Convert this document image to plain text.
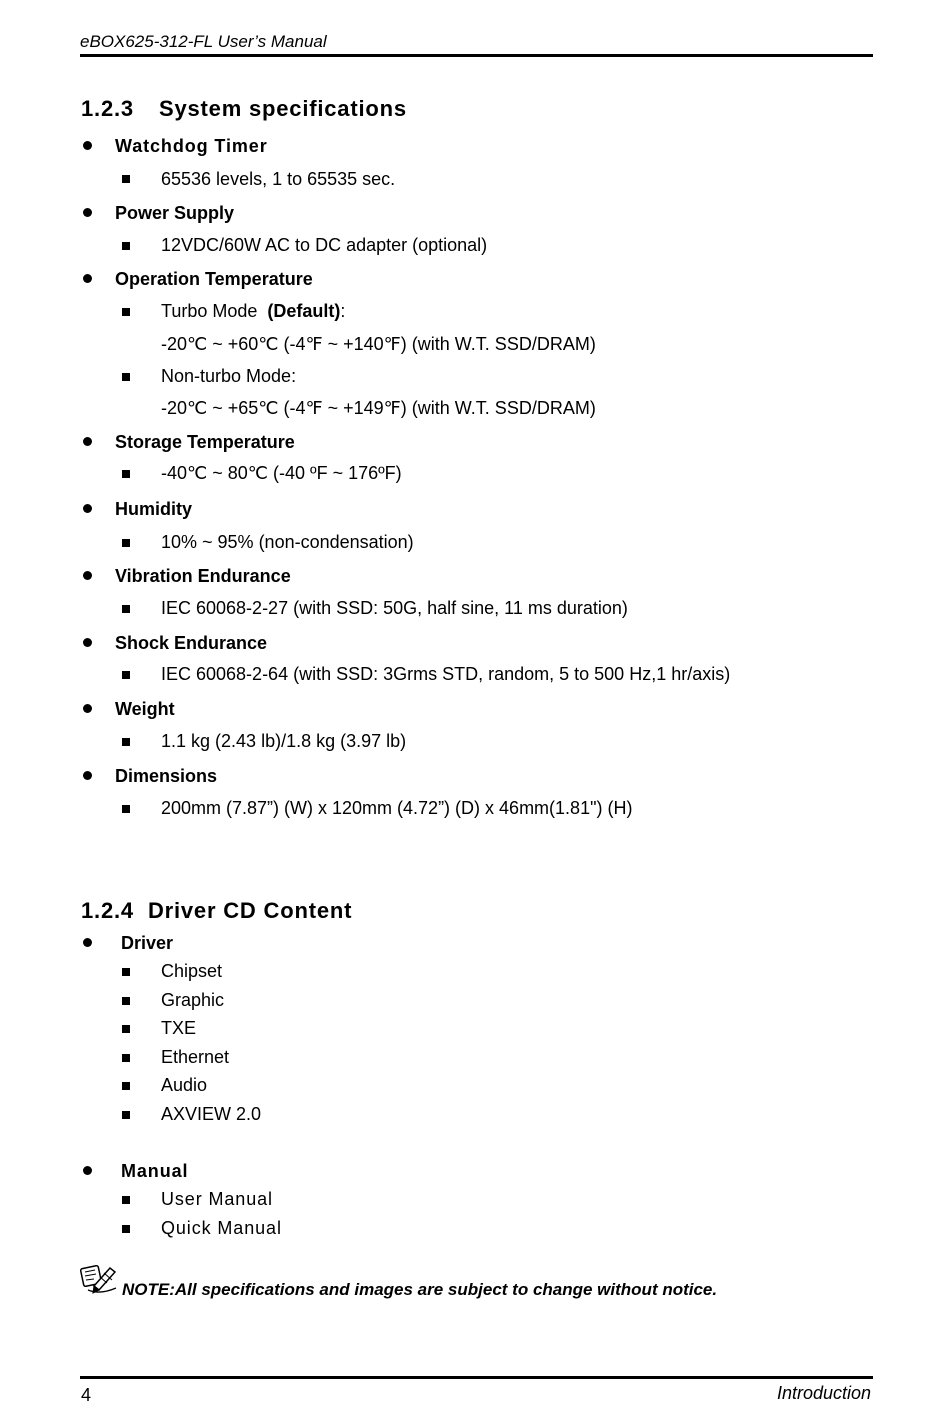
eBOX625-312-FL User’s Manual
1.2.3 System specifications
Watchdog Timer
65536 levels, 1 to 65535 sec.
Power Supply
12VDC/60W AC to DC adapter (optional)
Operation Temperature
Turbo Mode (Default):
-20℃ ~ +60℃ (-4℉ ~ +140℉) (with W.T. SSD/DRAM)
Non-turbo Mode:
-20℃ ~ +65℃ (-4℉ ~ +149℉) (with W.T. SSD/DRAM)
Storage Temperature
-40℃ ~ 80℃ (-40 ºF ~ 176ºF)
Humidity
10% ~ 95% (non-condensation)
Vibration Endurance
IEC 60068-2-27 (with SSD: 50G, half sine, 11 ms duration)
Shock Endurance
IEC 60068-2-64 (with SSD: 3Grms STD, random, 5 to 500 Hz,1 hr/axis)
Weight
1.1 kg (2.43 lb)/1.8 kg (3.97 lb)
Dimensions
200mm (7.87”) (W) x 120mm (4.72”) (D) x 46mm(1.81") (H)
1.2.4 Driver CD Content
Driver
Chipset
Graphic
TXE
Ethernet
Audio
AXVIEW 2.0
Manual
User Manual
Quick Manual
NOTE:All specifications and images are subject to change without notice.
4	Introduction
